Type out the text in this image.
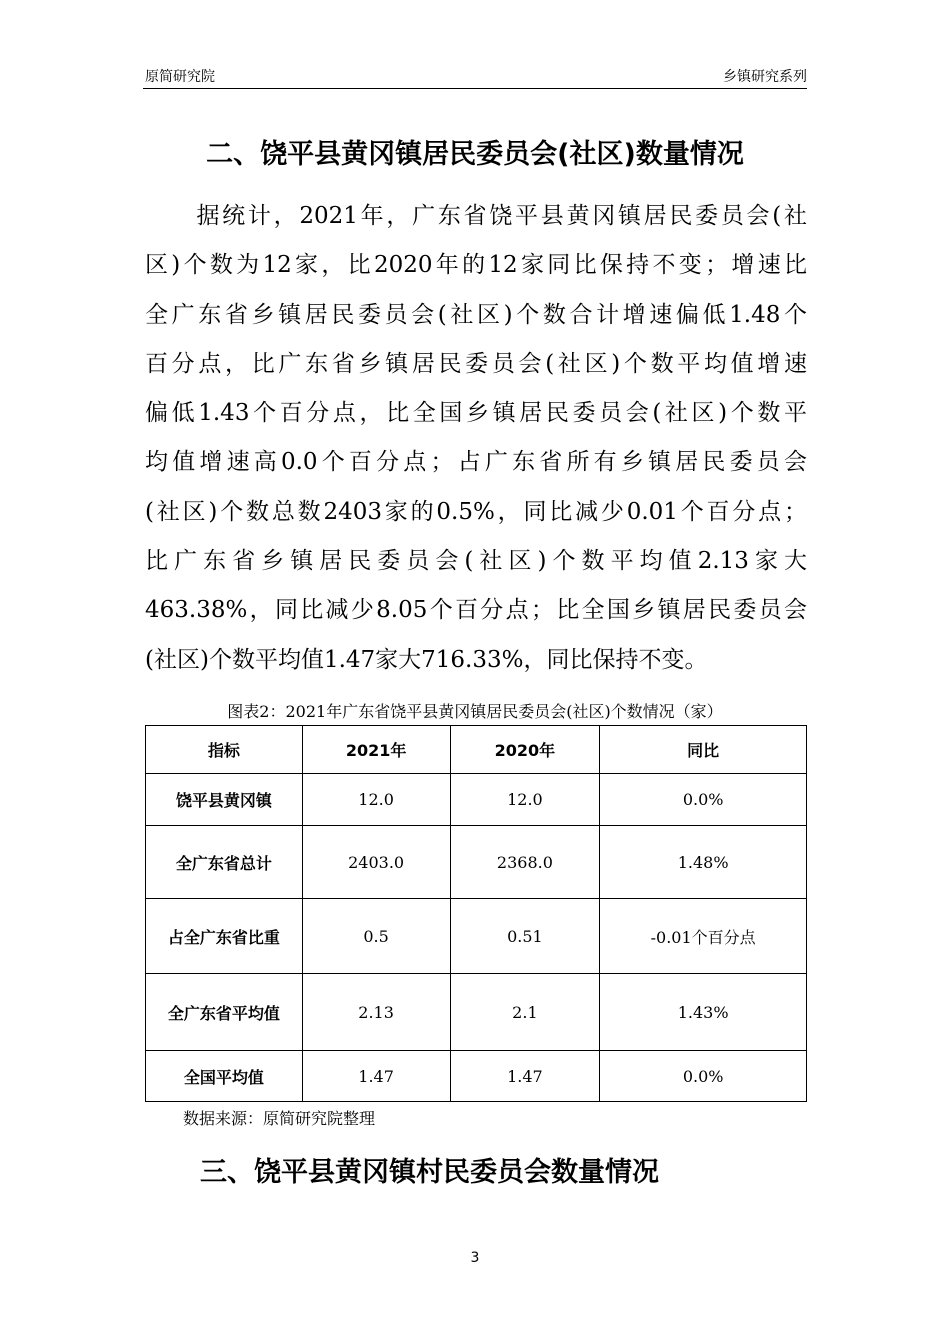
原简研究院	乡镇研究系列
二、饶平县黄冈镇居民委员会(社区)数量情况
　　据统计，2021年，广东省饶平县黄冈镇居民委员会(社
区)个数为12家，比2020年的12家同比保持不变；增速比
全广东省乡镇居民委员会(社区)个数合计增速偏低1.48个
百分点，比广东省乡镇居民委员会(社区)个数平均值增速
偏低1.43个百分点，比全国乡镇居民委员会(社区)个数平
均值增速高0.0个百分点；占广东省所有乡镇居民委员会
(社区)个数总数2403家的0.5%，同比减少0.01个百分点；
比广东省乡镇居民委员会(社区)个数平均值2.13家大
463.38%，同比减少8.05个百分点；比全国乡镇居民委员会
(社区)个数平均值1.47家大716.33%，同比保持不变。
图表2：2021年广东省饶平县黄冈镇居民委员会(社区)个数情况（家）
指标	2021年	2020年	同比
饶平县黄冈镇	12.0	12.0	0.0%
全广东省总计	2403.0	2368.0	1.48%
占全广东省比重	0.5	0.51	-0.01个百分点
全广东省平均值	2.13	2.1	1.43%
全国平均值	1.47	1.47	0.0%
数据来源：原简研究院整理
三、饶平县黄冈镇村民委员会数量情况
3
